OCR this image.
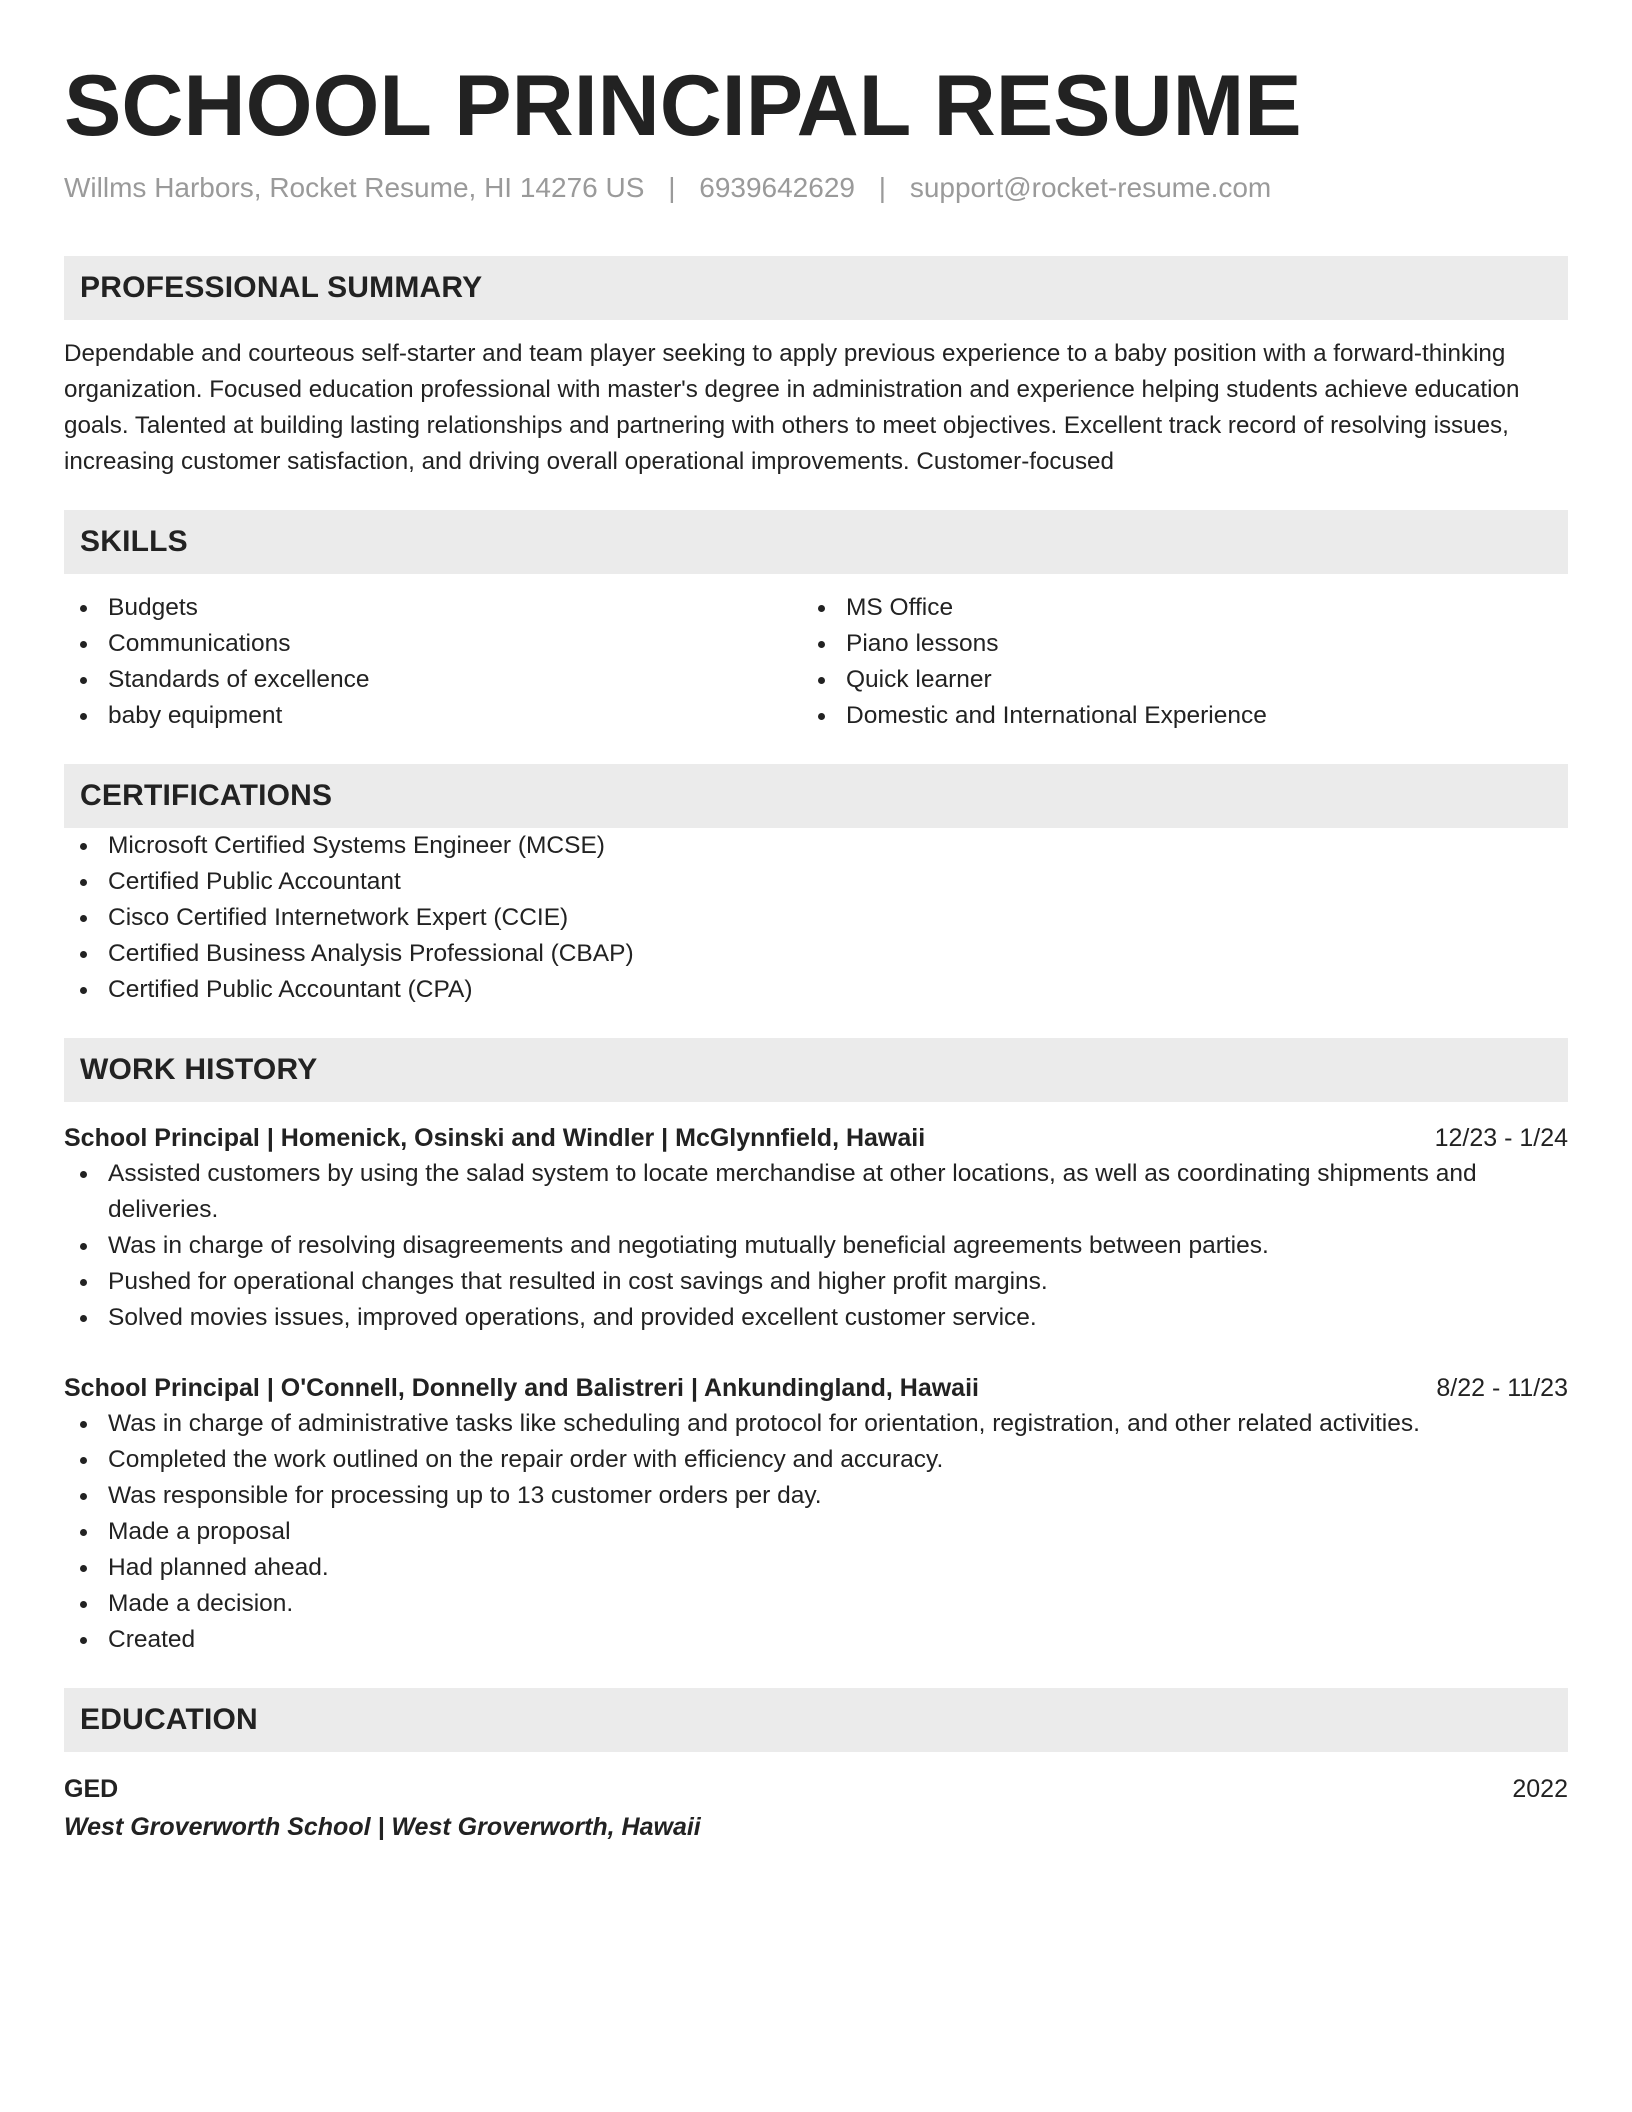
SCHOOL PRINCIPAL RESUME
Willms Harbors, Rocket Resume, HI 14276 US | 6939642629 | support@rocket-resume.com
PROFESSIONAL SUMMARY

Dependable and courteous self-starter and team player seeking to apply previous experience to a baby position with a forward-thinking organization. Focused education professional with master's degree in administration and experience helping students achieve education goals. Talented at building lasting relationships and partnering with others to meet objectives. Excellent track record of resolving issues, increasing customer satisfaction, and driving overall operational improvements. Customer-focused

SKILLS
Budgets
Communications
Standards of excellence
baby equipment
MS Office
Piano lessons
Quick learner
Domestic and International Experience
CERTIFICATIONS
Microsoft Certified Systems Engineer (MCSE)
Certified Public Accountant
Cisco Certified Internetwork Expert (CCIE)
Certified Business Analysis Professional (CBAP)
Certified Public Accountant (CPA)
WORK HISTORY
School Principal | Homenick, Osinski and Windler | McGlynnfield, Hawaii	12/23 - 1/24
Assisted customers by using the salad system to locate merchandise at other locations, as well as coordinating shipments and deliveries.
Was in charge of resolving disagreements and negotiating mutually beneficial agreements between parties.
Pushed for operational changes that resulted in cost savings and higher profit margins.
Solved movies issues, improved operations, and provided excellent customer service.
School Principal | O'Connell, Donnelly and Balistreri | Ankundingland, Hawaii	8/22 - 11/23
Was in charge of administrative tasks like scheduling and protocol for orientation, registration, and other related activities.
Completed the work outlined on the repair order with efficiency and accuracy.
Was responsible for processing up to 13 customer orders per day.
Made a proposal
Had planned ahead.
Made a decision.
Created
EDUCATION
GED	2022
West Groverworth School | West Groverworth, Hawaii
